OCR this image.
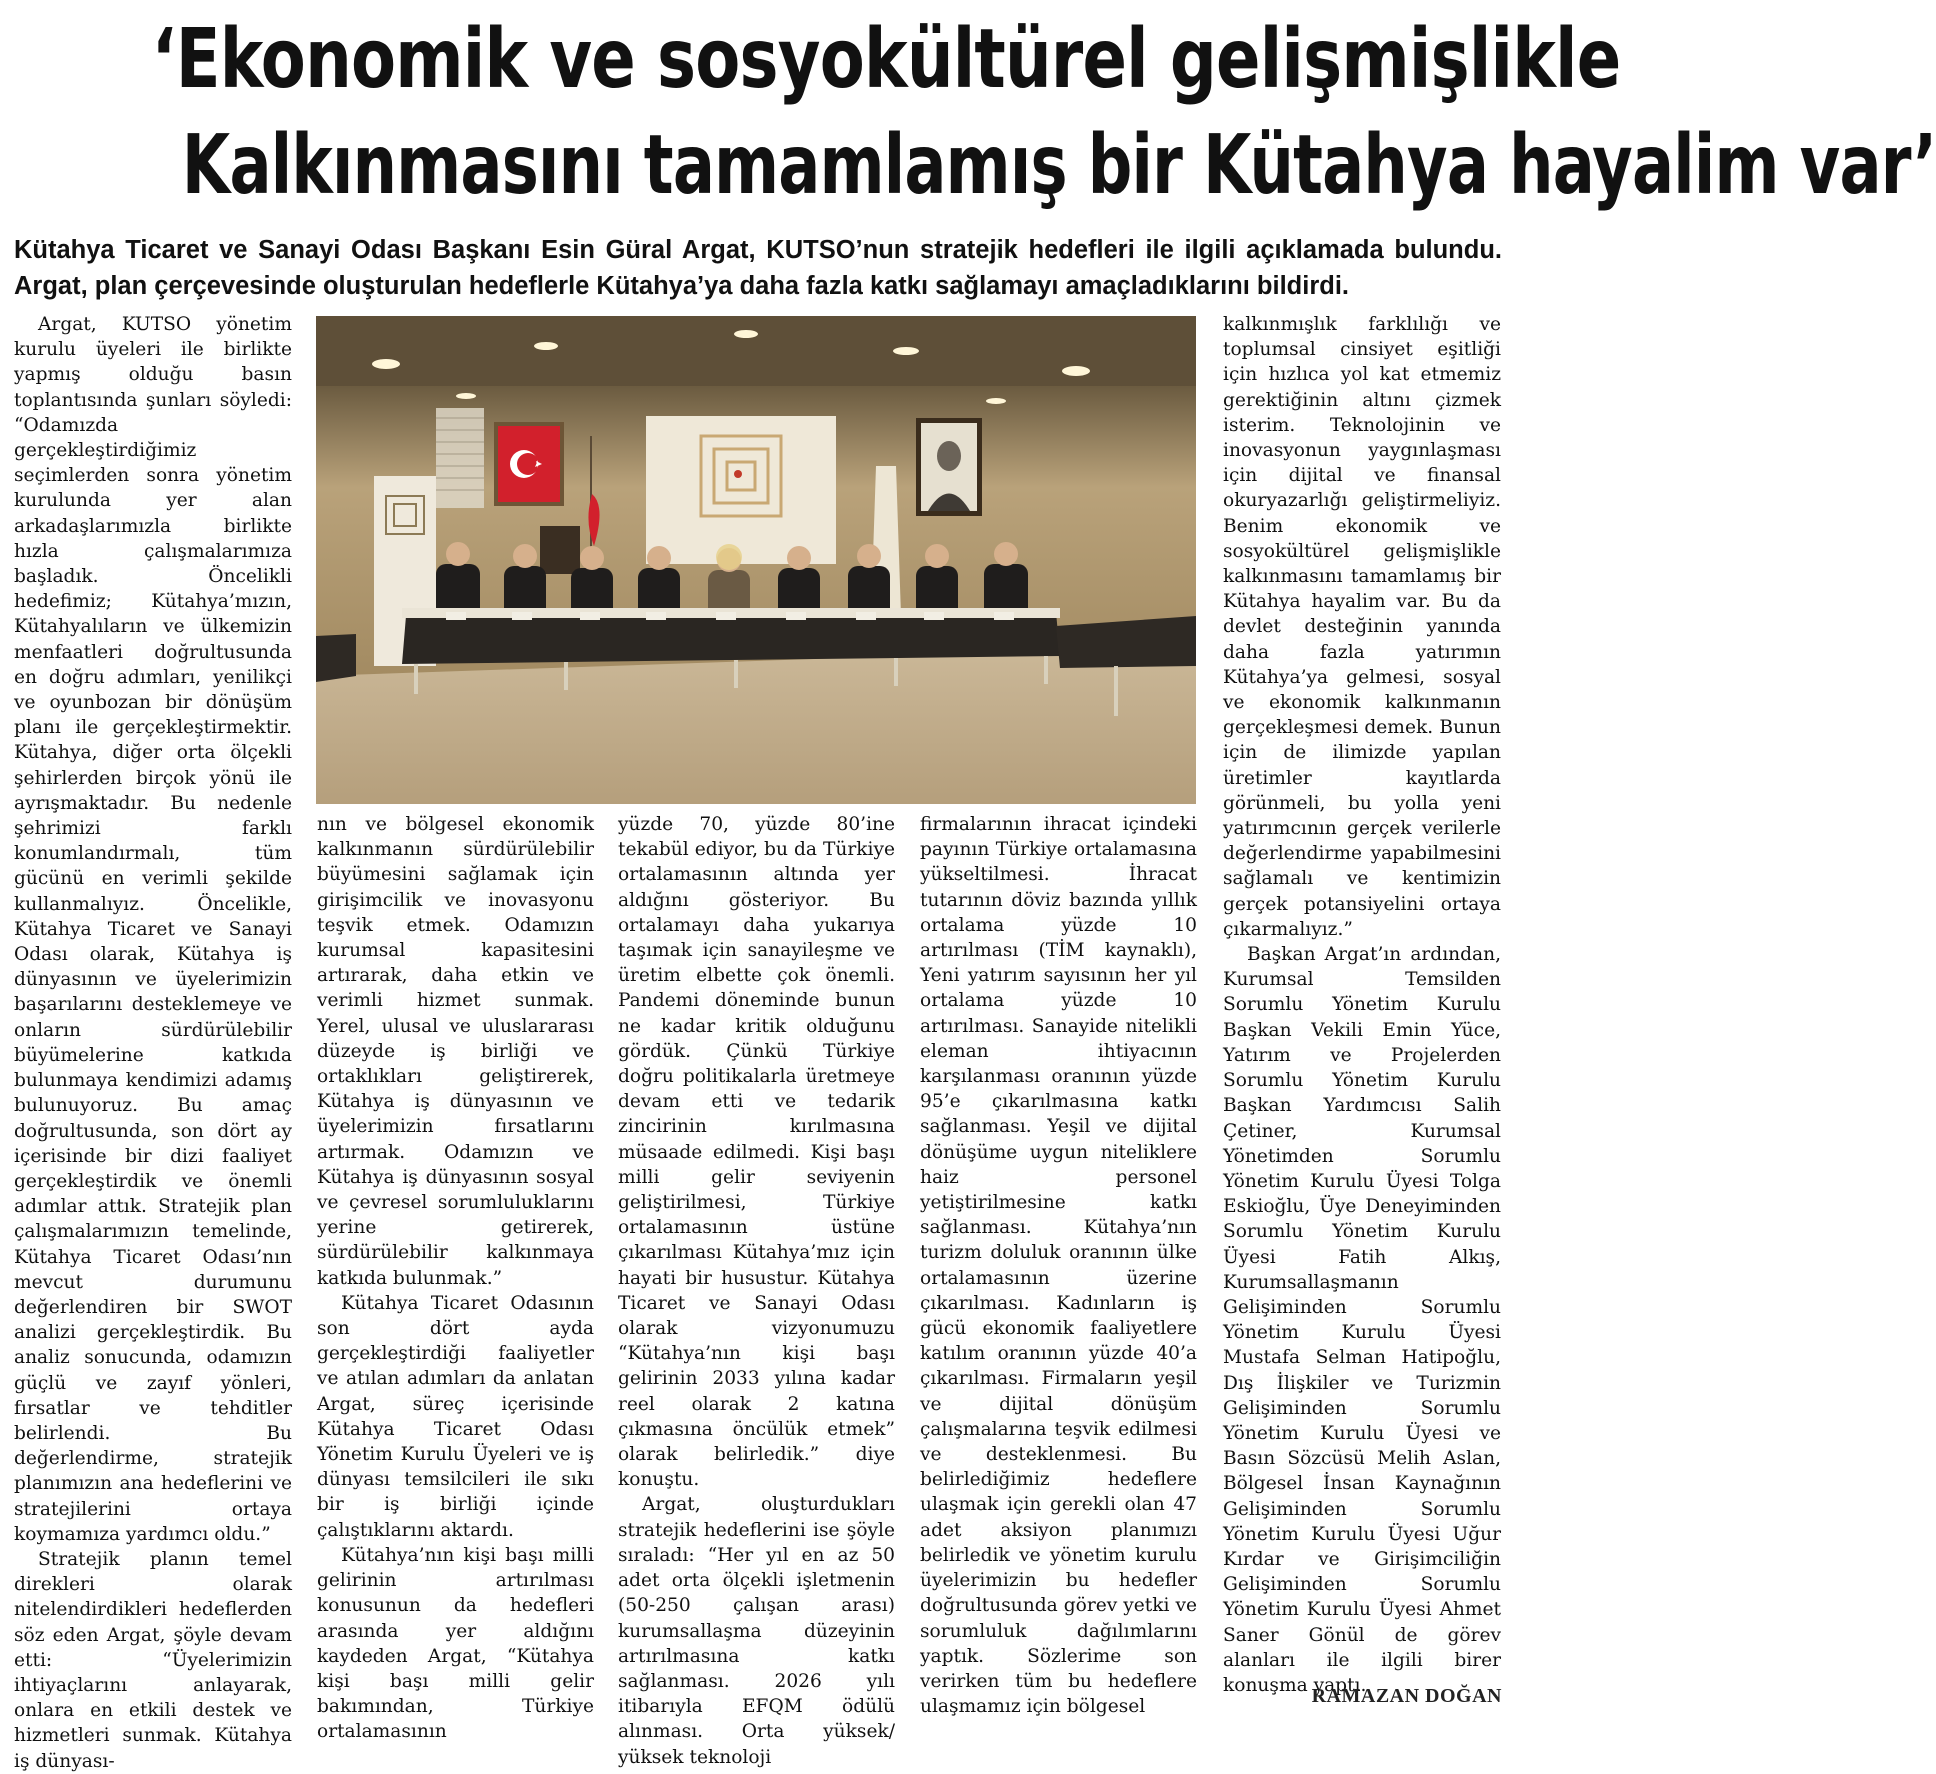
‘Ekonomik ve sosyokültürel gelişmişlikle
Kalkınmasını tamamlamış bir Kütahya hayalim var’
Kütahya Ticaret ve Sanayi Odası Başkanı Esin Güral Argat, KUTSO’nun stratejik hedefleri ile ilgili açıklamada bulundu. Argat, plan çerçevesinde oluşturulan hedeflerle Kütahya’ya daha fazla katkı sağlamayı amaçladıklarını bildirdi.

Argat, KUTSO yönetim kurulu üyeleri ile birlikte yapmış olduğu basın toplantısında şunları söyledi: “Odamızda gerçekleştirdiğimiz seçimlerden sonra yönetim kurulunda yer alan arkadaşlarımızla birlikte hızla çalışmalarımıza başladık. Öncelikli hedefimiz; Kütahya’mızın, Kütahyalıların ve ülkemizin menfaatleri doğrultusunda en doğru adımları, yenilikçi ve oyunbozan bir dönüşüm planı ile gerçekleştirmektir. Kütahya, diğer orta ölçekli şehirlerden birçok yönü ile ayrışmaktadır. Bu nedenle şehrimizi farklı konumlandırmalı, tüm gücünü en verimli şekilde kullanmalıyız. Öncelikle, Kütahya Ticaret ve Sanayi Odası olarak, Kütahya iş dünyasının ve üyelerimizin başarılarını desteklemeye ve onların sürdürülebilir büyümelerine katkıda bulunmaya kendimizi adamış bulunuyoruz. Bu amaç doğrultusunda, son dört ay içerisinde bir dizi faaliyet gerçekleştirdik ve önemli adımlar attık. Stratejik plan çalışmalarımızın temelinde, Kütahya Ticaret Odası’nın mevcut durumunu değerlendiren bir SWOT analizi gerçekleştirdik. Bu analiz sonucunda, odamızın güçlü ve zayıf yönleri, fırsatlar ve tehditler belirlendi. Bu değerlendirme, stratejik planımızın ana hedeflerini ve stratejilerini ortaya koymamıza yardımcı oldu.”

Stratejik planın temel direkleri olarak nitelendirdikleri hedeflerden söz eden Argat, şöyle devam etti: “Üyelerimizin ihtiyaçlarını anlayarak, onlara en etkili destek ve hizmetleri sunmak. Kütahya iş dünyası-

nın ve bölgesel ekonomik kalkınmanın sürdürülebilir büyümesini sağlamak için girişimcilik ve inovasyonu teşvik etmek. Odamızın kurumsal kapasitesini artırarak, daha etkin ve verimli hizmet sunmak. Yerel, ulusal ve uluslararası düzeyde iş birliği ve ortaklıkları geliştirerek, Kütahya iş dünyasının ve üyelerimizin fırsatlarını artırmak. Odamızın ve Kütahya iş dünyasının sosyal ve çevresel sorumluluklarını yerine getirerek, sürdürülebilir kalkınmaya katkıda bulunmak.”

Kütahya Ticaret Odasının son dört ayda gerçekleştirdiği faaliyetler ve atılan adımları da anlatan Argat, süreç içerisinde Kütahya Ticaret Odası Yönetim Kurulu Üyeleri ve iş dünyası temsilcileri ile sıkı bir iş birliği içinde çalıştıklarını aktardı.

Kütahya’nın kişi başı milli gelirinin artırılması konusunun da hedefleri arasında yer aldığını kaydeden Argat, “Kütahya kişi başı milli gelir bakımından, Türkiye ortalamasının

yüzde 70, yüzde 80’ine tekabül ediyor, bu da Türkiye ortalamasının altında yer aldığını gösteriyor. Bu ortalamayı daha yukarıya taşımak için sanayileşme ve üretim elbette çok önemli. Pandemi döneminde bunun ne kadar kritik olduğunu gördük. Çünkü Türkiye doğru politikalarla üretmeye devam etti ve tedarik zincirinin kırılmasına müsaade edilmedi. Kişi başı milli gelir seviyenin geliştirilmesi, Türkiye ortalamasının üstüne çıkarılması Kütahya’mız için hayati bir husustur. Kütahya Ticaret ve Sanayi Odası olarak vizyonumuzu “Kütahya’nın kişi başı gelirinin 2033 yılına kadar reel olarak 2 katına çıkmasına öncülük etmek” olarak belirledik.” diye konuştu.

Argat, oluşturdukları stratejik hedeflerini ise şöyle sıraladı: “Her yıl en az 50 adet orta ölçekli işletmenin (50-250 çalışan arası) kurumsallaşma düzeyinin artırılmasına katkı sağlanması. 2026 yılı itibarıyla EFQM ödülü alınması. Orta yüksek/ yüksek teknoloji

firmalarının ihracat içindeki payının Türkiye ortalamasına yükseltilmesi. İhracat tutarının döviz bazında yıllık ortalama yüzde 10 artırılması (TİM kaynaklı), Yeni yatırım sayısının her yıl ortalama yüzde 10 artırılması. Sanayide nitelikli eleman ihtiyacının karşılanması oranının yüzde 95’e çıkarılmasına katkı sağlanması. Yeşil ve dijital dönüşüme uygun niteliklere haiz personel yetiştirilmesine katkı sağlanması. Kütahya’nın turizm doluluk oranının ülke ortalamasının üzerine çıkarılması. Kadınların iş gücü ekonomik faaliyetlere katılım oranının yüzde 40’a çıkarılması. Firmaların yeşil ve dijital dönüşüm çalışmalarına teşvik edilmesi ve desteklenmesi. Bu belirlediğimiz hedeflere ulaşmak için gerekli olan 47 adet aksiyon planımızı belirledik ve yönetim kurulu üyelerimizin bu hedefler doğrultusunda görev yetki ve sorumluluk dağılımlarını yaptık. Sözlerime son verirken tüm bu hedeflere ulaşmamız için bölgesel

kalkınmışlık farklılığı ve toplumsal cinsiyet eşitliği için hızlıca yol kat etmemiz gerektiğinin altını çizmek isterim. Teknolojinin ve inovasyonun yaygınlaşması için dijital ve finansal okuryazarlığı geliştirmeliyiz. Benim ekonomik ve sosyokültürel gelişmişlikle kalkınmasını tamamlamış bir Kütahya hayalim var. Bu da devlet desteğinin yanında daha fazla yatırımın Kütahya’ya gelmesi, sosyal ve ekonomik kalkınmanın gerçekleşmesi demek. Bunun için de ilimizde yapılan üretimler kayıtlarda görünmeli, bu yolla yeni yatırımcının gerçek verilerle değerlendirme yapabilmesini sağlamalı ve kentimizin gerçek potansiyelini ortaya çıkarmalıyız.”

Başkan Argat’ın ardından, Kurumsal Temsilden Sorumlu Yönetim Kurulu Başkan Vekili Emin Yüce, Yatırım ve Projelerden Sorumlu Yönetim Kurulu Başkan Yardımcısı Salih Çetiner, Kurumsal Yönetimden Sorumlu Yönetim Kurulu Üyesi Tolga Eskioğlu, Üye Deneyiminden Sorumlu Yönetim Kurulu Üyesi Fatih Alkış, Kurumsallaşmanın Gelişiminden Sorumlu Yönetim Kurulu Üyesi Mustafa Selman Hatipoğlu, Dış İlişkiler ve Turizmin Gelişiminden Sorumlu Yönetim Kurulu Üyesi ve Basın Sözcüsü Melih Aslan, Bölgesel İnsan Kaynağının Gelişiminden Sorumlu Yönetim Kurulu Üyesi Uğur Kırdar ve Girişimciliğin Gelişiminden Sorumlu Yönetim Kurulu Üyesi Ahmet Saner Gönül de görev alanları ile ilgili birer konuşma yaptı.

RAMAZAN DOĞAN
